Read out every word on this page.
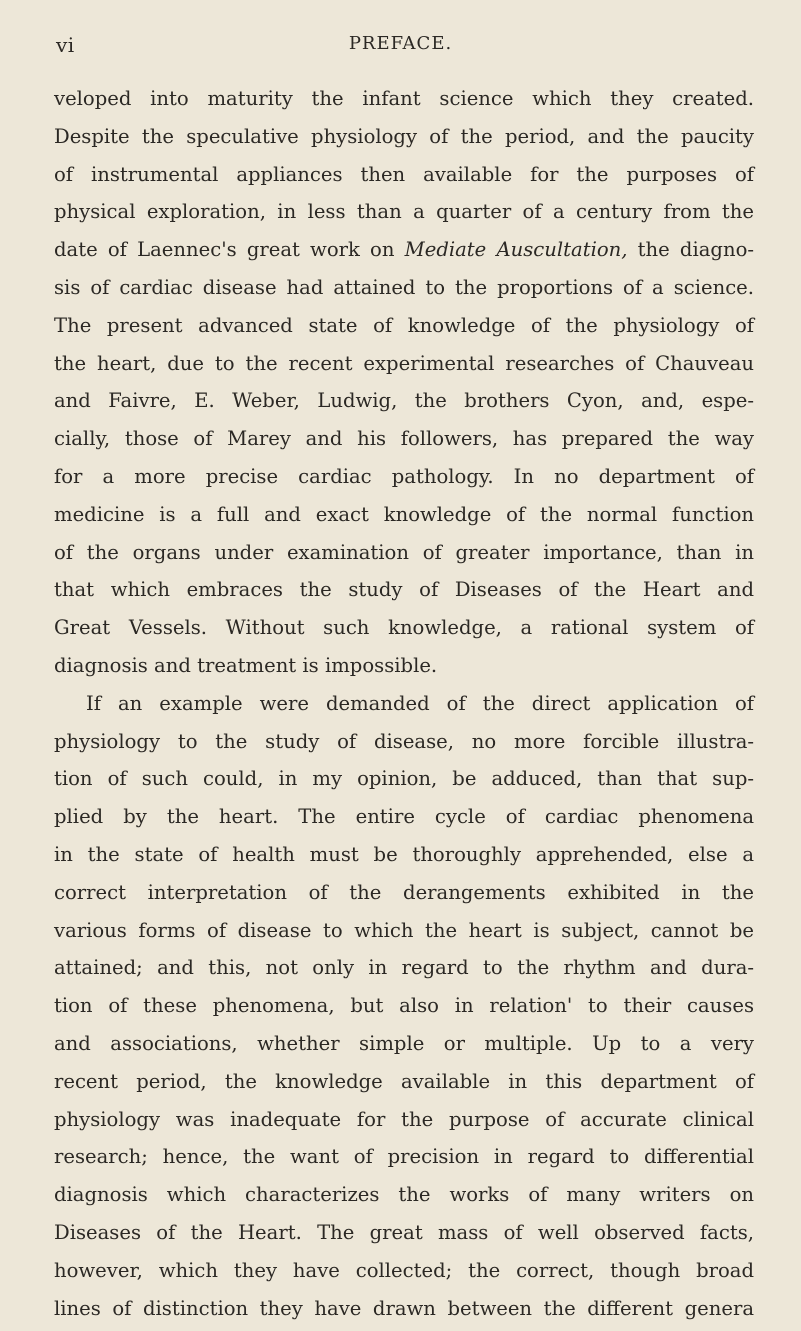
vi	PREFACE.
veloped into maturity the infant science which they created.
Despite the speculative physiology of the period, and the paucity
of instrumental appliances then available for the purposes of
physical exploration, in less than a quarter of a century from the
date of Laennec's great work on Mediate Auscultation, the diagno-
sis of cardiac disease had attained to the proportions of a science.
The present advanced state of knowledge of the physiology of
the heart, due to the recent experimental researches of Chauveau
and Faivre, E. Weber, Ludwig, the brothers Cyon, and, espe-
cially, those of Marey and his followers, has prepared the way
for a more precise cardiac pathology. In no department of
medicine is a full and exact knowledge of the normal function
of the organs under examination of greater importance, than in
that which embraces the study of Diseases of the Heart and
Great Vessels. Without such knowledge, a rational system of
diagnosis and treatment is impossible.
If an example were demanded of the direct application of
physiology to the study of disease, no more forcible illustra-
tion of such could, in my opinion, be adduced, than that sup-
plied by the heart. The entire cycle of cardiac phenomena
in the state of health must be thoroughly apprehended, else a
correct interpretation of the derangements exhibited in the
various forms of disease to which the heart is subject, cannot be
attained; and this, not only in regard to the rhythm and dura-
tion of these phenomena, but also in relation' to their causes
and associations, whether simple or multiple. Up to a very
recent period, the knowledge available in this department of
physiology was inadequate for the purpose of accurate clinical
research; hence, the want of precision in regard to differential
diagnosis which characterizes the works of many writers on
Diseases of the Heart. The great mass of well observed facts,
however, which they have collected; the correct, though broad
lines of distinction they have drawn between the different genera
